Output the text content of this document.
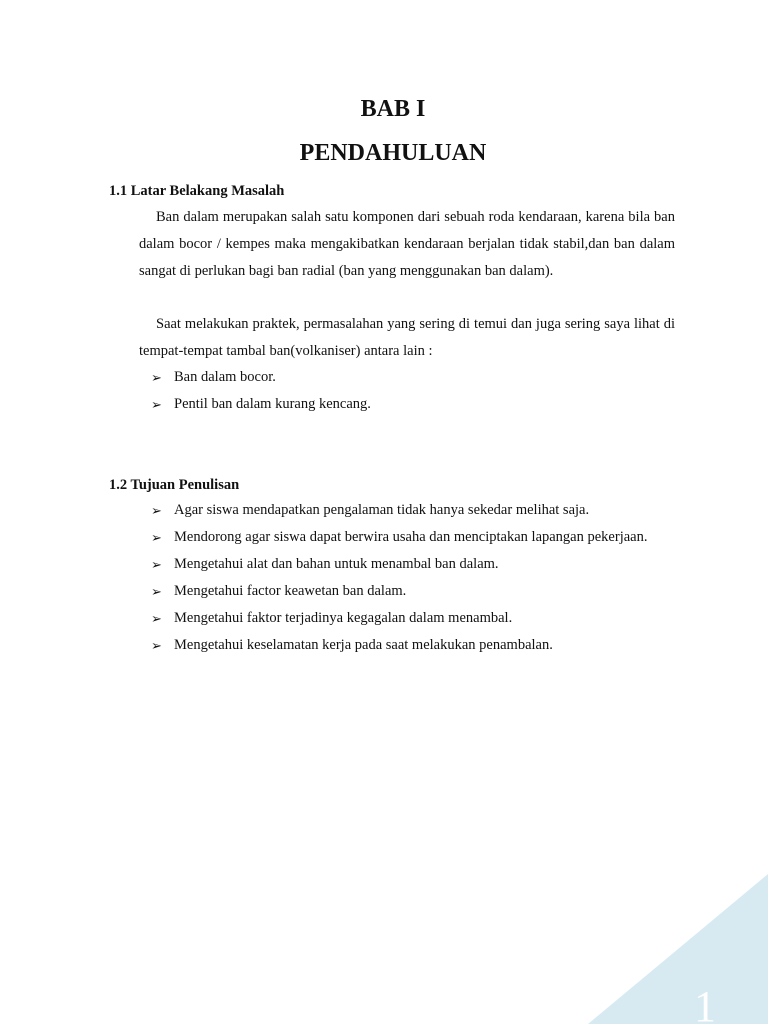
BAB I
PENDAHULUAN
1.1 Latar Belakang Masalah
Ban dalam merupakan salah satu komponen dari sebuah roda kendaraan, karena bila ban dalam bocor / kempes maka mengakibatkan kendaraan berjalan tidak stabil,dan ban dalam sangat di perlukan bagi ban radial (ban yang menggunakan ban dalam).
Saat melakukan praktek, permasalahan yang sering di temui dan juga sering saya lihat di tempat-tempat tambal ban(volkaniser) antara lain :
➢ Ban dalam bocor.
➢ Pentil ban dalam kurang kencang.
1.2 Tujuan Penulisan
➢ Agar siswa mendapatkan pengalaman tidak hanya sekedar melihat saja.
➢ Mendorong agar siswa dapat berwira usaha dan menciptakan lapangan pekerjaan.
➢ Mengetahui alat dan bahan untuk menambal ban dalam.
➢ Mengetahui factor keawetan ban dalam.
➢ Mengetahui faktor terjadinya kegagalan dalam menambal.
➢ Mengetahui keselamatan kerja pada saat melakukan penambalan.
1
